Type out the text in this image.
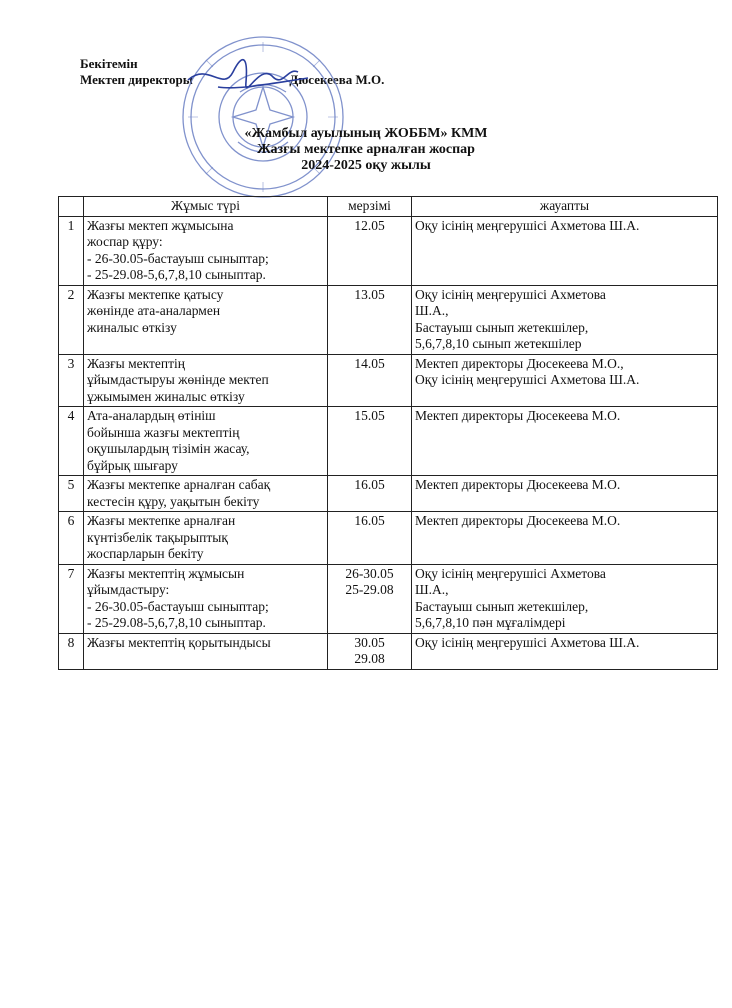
Бекітемін
Мектеп директоры	Дюсекеева М.О.
«Жамбыл ауылының ЖОББМ» КММ
Жазғы мектепке арналған жоспар
2024-2025 оқу жылы
	Жұмыс түрі	мерзімі	жауапты
1	Жазғы мектеп жұмысына
жоспар құру:
- 26-30.05-бастауыш сыныптар;
- 25-29.08-5,6,7,8,10 сыныптар.	12.05	Оқу ісінің меңгерушісі Ахметова Ш.А.

2	Жазғы мектепке қатысу
жөнінде ата-аналармен
жиналыс өткізу	13.05	Оқу ісінің меңгерушісі Ахметова
Ш.А.,
Бастауыш сынып жетекшілер,
5,6,7,8,10 сынып жетекшілер

3	Жазғы мектептің
ұйымдастыруы жөнінде мектеп
ұжымымен жиналыс өткізу	14.05	Мектеп директоры Дюсекеева М.О.,
Оқу ісінің меңгерушісі Ахметова Ш.А.

4	Ата-аналардың өтініш
бойынша жазғы мектептің
оқушылардың тізімін жасау,
бұйрық шығару	15.05	Мектеп директоры Дюсекеева М.О.

5	Жазғы мектепке арналған сабақ
кестесін құру, уақытын бекіту	16.05	Мектеп директоры Дюсекеева М.О.

6	Жазғы мектепке арналған
күнтізбелік тақырыптық
жоспарларын бекіту	16.05	Мектеп директоры Дюсекеева М.О.

7	Жазғы мектептің жұмысын
ұйымдастыру:
- 26-30.05-бастауыш сыныптар;
- 25-29.08-5,6,7,8,10 сыныптар.	26-30.05
25-29.08	Оқу ісінің меңгерушісі Ахметова
Ш.А.,
Бастауыш сынып жетекшілер,
5,6,7,8,10 пән мұғалімдері

8	Жазғы мектептің қорытындысы	30.05
29.08	Оқу ісінің меңгерушісі Ахметова Ш.А.
